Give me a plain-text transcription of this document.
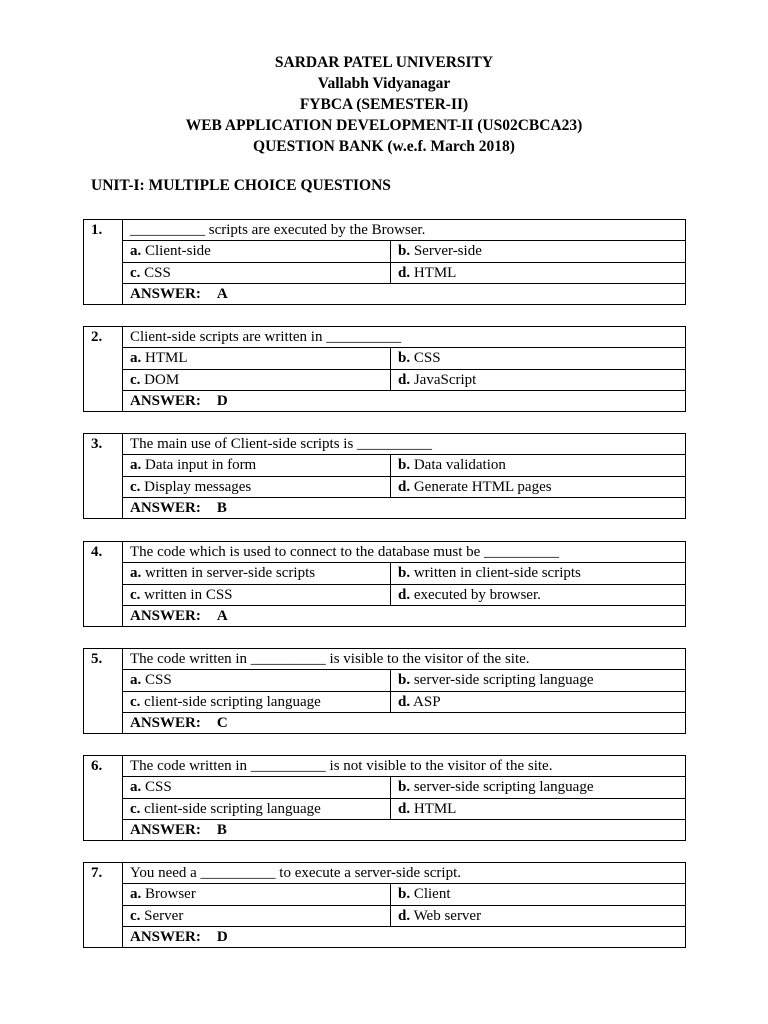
SARDAR PATEL UNIVERSITY
Vallabh Vidyanagar
FYBCA (SEMESTER-II)
WEB APPLICATION DEVELOPMENT-II (US02CBCA23)
QUESTION BANK (w.e.f. March 2018)
UNIT-I: MULTIPLE CHOICE QUESTIONS
1.	__________ scripts are executed by the Browser.	
	a. Client-side	b. Server-side
	c. CSS	d. HTML
	ANSWER: A	
2.	Client-side scripts are written in __________	
	a. HTML	b. CSS
	c. DOM	d. JavaScript
	ANSWER: D	
3.	The main use of Client-side scripts is __________	
	a. Data input in form	b. Data validation
	c. Display messages	d. Generate HTML pages
	ANSWER: B	
4.	The code which is used to connect to the database must be __________	
	a. written in server-side scripts	b. written in client-side scripts
	c. written in CSS	d. executed by browser.
	ANSWER: A	
5.	The code written in __________ is visible to the visitor of the site.	
	a. CSS	b. server-side scripting language
	c. client-side scripting language	d. ASP
	ANSWER: C	
6.	The code written in __________ is not visible to the visitor of the site.	
	a. CSS	b. server-side scripting language
	c. client-side scripting language	d. HTML
	ANSWER: B	
7.	You need a __________ to execute a server-side script.	
	a. Browser	b. Client
	c. Server	d. Web server
	ANSWER: D	
